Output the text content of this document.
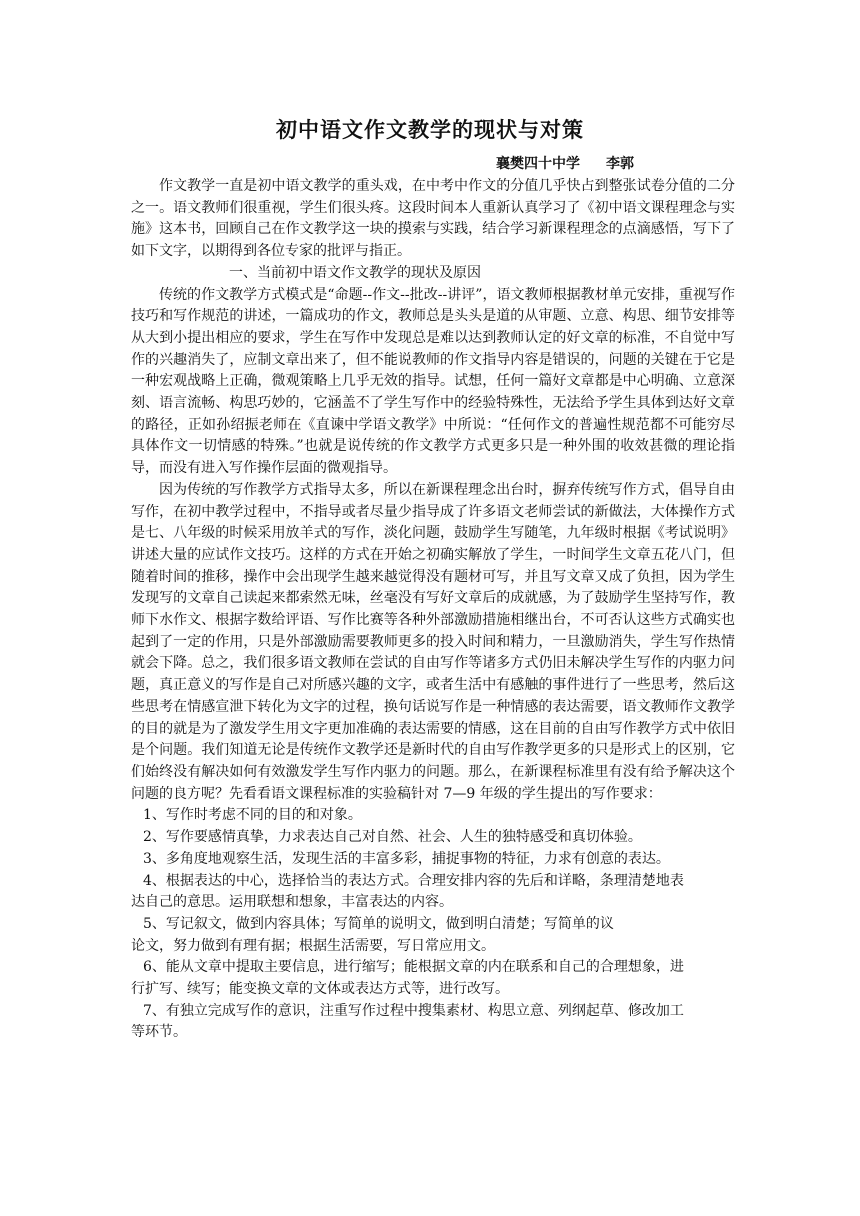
初中语文作文教学的现状与对策
襄樊四十中学 李郭

作文教学一直是初中语文教学的重头戏，在中考中作文的分值几乎快占到整张试卷分值的二分之一。语文教师们很重视，学生们很头疼。这段时间本人重新认真学习了《初中语文课程理念与实施》这本书，回顾自己在作文教学这一块的摸索与实践，结合学习新课程理念的点滴感悟，写下了如下文字，以期得到各位专家的批评与指正。

一、当前初中语文作文教学的现状及原因

传统的作文教学方式模式是“命题--作文--批改--讲评”，语文教师根据教材单元安排，重视写作技巧和写作规范的讲述，一篇成功的作文，教师总是头头是道的从审题、立意、构思、细节安排等从大到小提出相应的要求，学生在写作中发现总是难以达到教师认定的好文章的标准，不自觉中写作的兴趣消失了，应制文章出来了，但不能说教师的作文指导内容是错误的，问题的关键在于它是一种宏观战略上正确，微观策略上几乎无效的指导。试想，任何一篇好文章都是中心明确、立意深刻、语言流畅、构思巧妙的，它涵盖不了学生写作中的经验特殊性，无法给予学生具体到达好文章的路径，正如孙绍振老师在《直谏中学语文教学》中所说：“任何作文的普遍性规范都不可能穷尽具体作文一切情感的特殊。”也就是说传统的作文教学方式更多只是一种外围的收效甚微的理论指导，而没有进入写作操作层面的微观指导。

因为传统的写作教学方式指导太多，所以在新课程理念出台时，摒弃传统写作方式，倡导自由写作，在初中教学过程中，不指导或者尽量少指导成了许多语文老师尝试的新做法，大体操作方式是七、八年级的时候采用放羊式的写作，淡化问题，鼓励学生写随笔，九年级时根据《考试说明》讲述大量的应试作文技巧。这样的方式在开始之初确实解放了学生，一时间学生文章五花八门，但随着时间的推移，操作中会出现学生越来越觉得没有题材可写，并且写文章又成了负担，因为学生发现写的文章自己读起来都索然无味，丝毫没有写好文章后的成就感，为了鼓励学生坚持写作，教师下水作文、根据字数给评语、写作比赛等各种外部激励措施相继出台，不可否认这些方式确实也起到了一定的作用，只是外部激励需要教师更多的投入时间和精力，一旦激励消失，学生写作热情就会下降。总之，我们很多语文教师在尝试的自由写作等诸多方式仍旧未解决学生写作的内驱力问题，真正意义的写作是自己对所感兴趣的文字，或者生活中有感触的事件进行了一些思考，然后这些思考在情感宣泄下转化为文字的过程，换句话说写作是一种情感的表达需要，语文教师作文教学的目的就是为了激发学生用文字更加准确的表达需要的情感，这在目前的自由写作教学方式中依旧是个问题。我们知道无论是传统作文教学还是新时代的自由写作教学更多的只是形式上的区别，它们始终没有解决如何有效激发学生写作内驱力的问题。那么，在新课程标准里有没有给予解决这个问题的良方呢？先看看语文课程标准的实验稿针对 7—9 年级的学生提出的写作要求：

1、写作时考虑不同的目的和对象。

2、写作要感情真挚，力求表达自己对自然、社会、人生的独特感受和真切体验。

3、多角度地观察生活，发现生活的丰富多彩，捕捉事物的特征，力求有创意的表达。

4、根据表达的中心，选择恰当的表达方式。合理安排内容的先后和详略，条理清楚地表
达自己的意思。运用联想和想象，丰富表达的内容。

5、写记叙文，做到内容具体；写简单的说明文，做到明白清楚；写简单的议
论文，努力做到有理有据；根据生活需要，写日常应用文。

6、能从文章中提取主要信息，进行缩写；能根据文章的内在联系和自己的合理想象，进
行扩写、续写；能变换文章的文体或表达方式等，进行改写。

7、有独立完成写作的意识，注重写作过程中搜集素材、构思立意、列纲起草、修改加工
等环节。
